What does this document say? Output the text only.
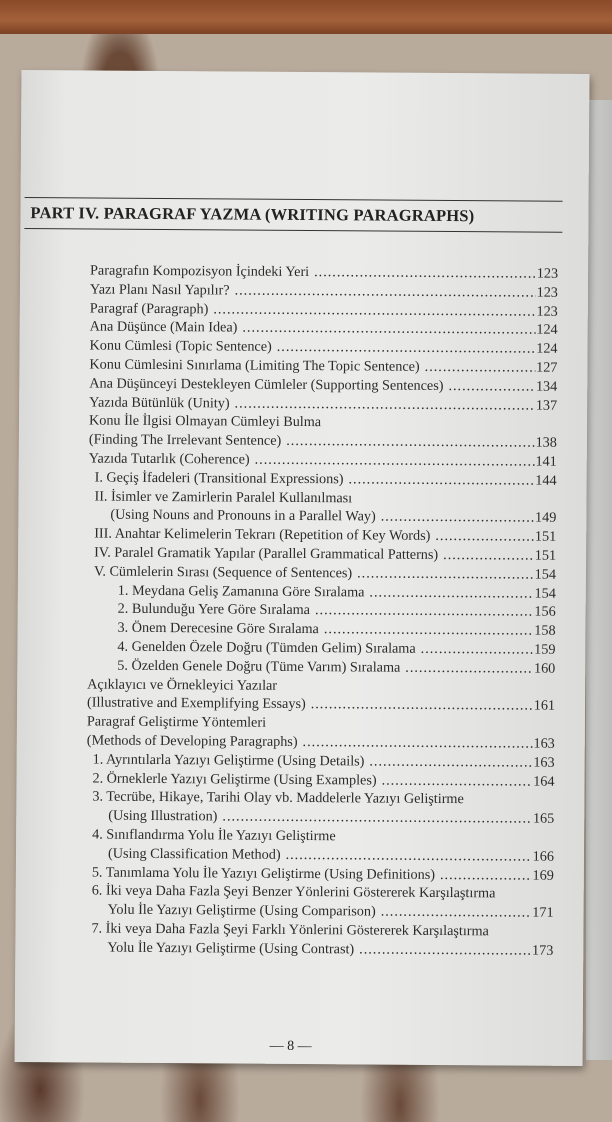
PART IV. PARAGRAF YAZMA (WRITING PARAGRAPHS)
Paragrafın Kompozisyon İçindeki Yeri .....	123
Yazı Planı Nasıl Yapılır? .....	123
Paragraf (Paragraph) .....	123
Ana Düşünce (Main Idea) .....	124
Konu Cümlesi (Topic Sentence) .....	124
Konu Cümlesini Sınırlama (Limiting The Topic Sentence) .....	127
Ana Düşünceyi Destekleyen Cümleler (Supporting Sentences) .....	134
Yazıda Bütünlük (Unity) .....	137
Konu İle İlgisi Olmayan Cümleyi Bulma
(Finding The Irrelevant Sentence) .....	138
Yazıda Tutarlık (Coherence) .....	141
I. Geçiş İfadeleri (Transitional Expressions) .....	144
II. İsimler ve Zamirlerin Paralel Kullanılması
(Using Nouns and Pronouns in a Parallel Way) .....	149
III. Anahtar Kelimelerin Tekrarı (Repetition of Key Words) .....	151
IV. Paralel Gramatik Yapılar (Parallel Grammatical Patterns) .....	151
V. Cümlelerin Sırası (Sequence of Sentences) .....	154
1. Meydana Geliş Zamanına Göre Sıralama .....	154
2. Bulunduğu Yere Göre Sıralama .....	156
3. Önem Derecesine Göre Sıralama .....	158
4. Genelden Özele Doğru (Tümden Gelim) Sıralama .....	159
5. Özelden Genele Doğru (Tüme Varım) Sıralama .....	160
Açıklayıcı ve Örnekleyici Yazılar
(Illustrative and Exemplifying Essays) .....	161
Paragraf Geliştirme Yöntemleri
(Methods of Developing Paragraphs) .....	163
1. Ayrıntılarla Yazıyı Geliştirme (Using Details) .....	163
2. Örneklerle Yazıyı Geliştirme (Using Examples) .....	164
3. Tecrübe, Hikaye, Tarihi Olay vb. Maddelerle Yazıyı Geliştirme
(Using Illustration) .....	165
4. Sınıflandırma Yolu İle Yazıyı Geliştirme
(Using Classification Method) .....	166
5. Tanımlama Yolu İle Yazıyı Geliştirme (Using Definitions) .....	169
6. İki veya Daha Fazla Şeyi Benzer Yönlerini Göstererek Karşılaştırma
Yolu İle Yazıyı Geliştirme (Using Comparison) .....	171
7. İki veya Daha Fazla Şeyi Farklı Yönlerini Göstererek Karşılaştırma
Yolu İle Yazıyı Geliştirme (Using Contrast) .....	173
— 8 —
